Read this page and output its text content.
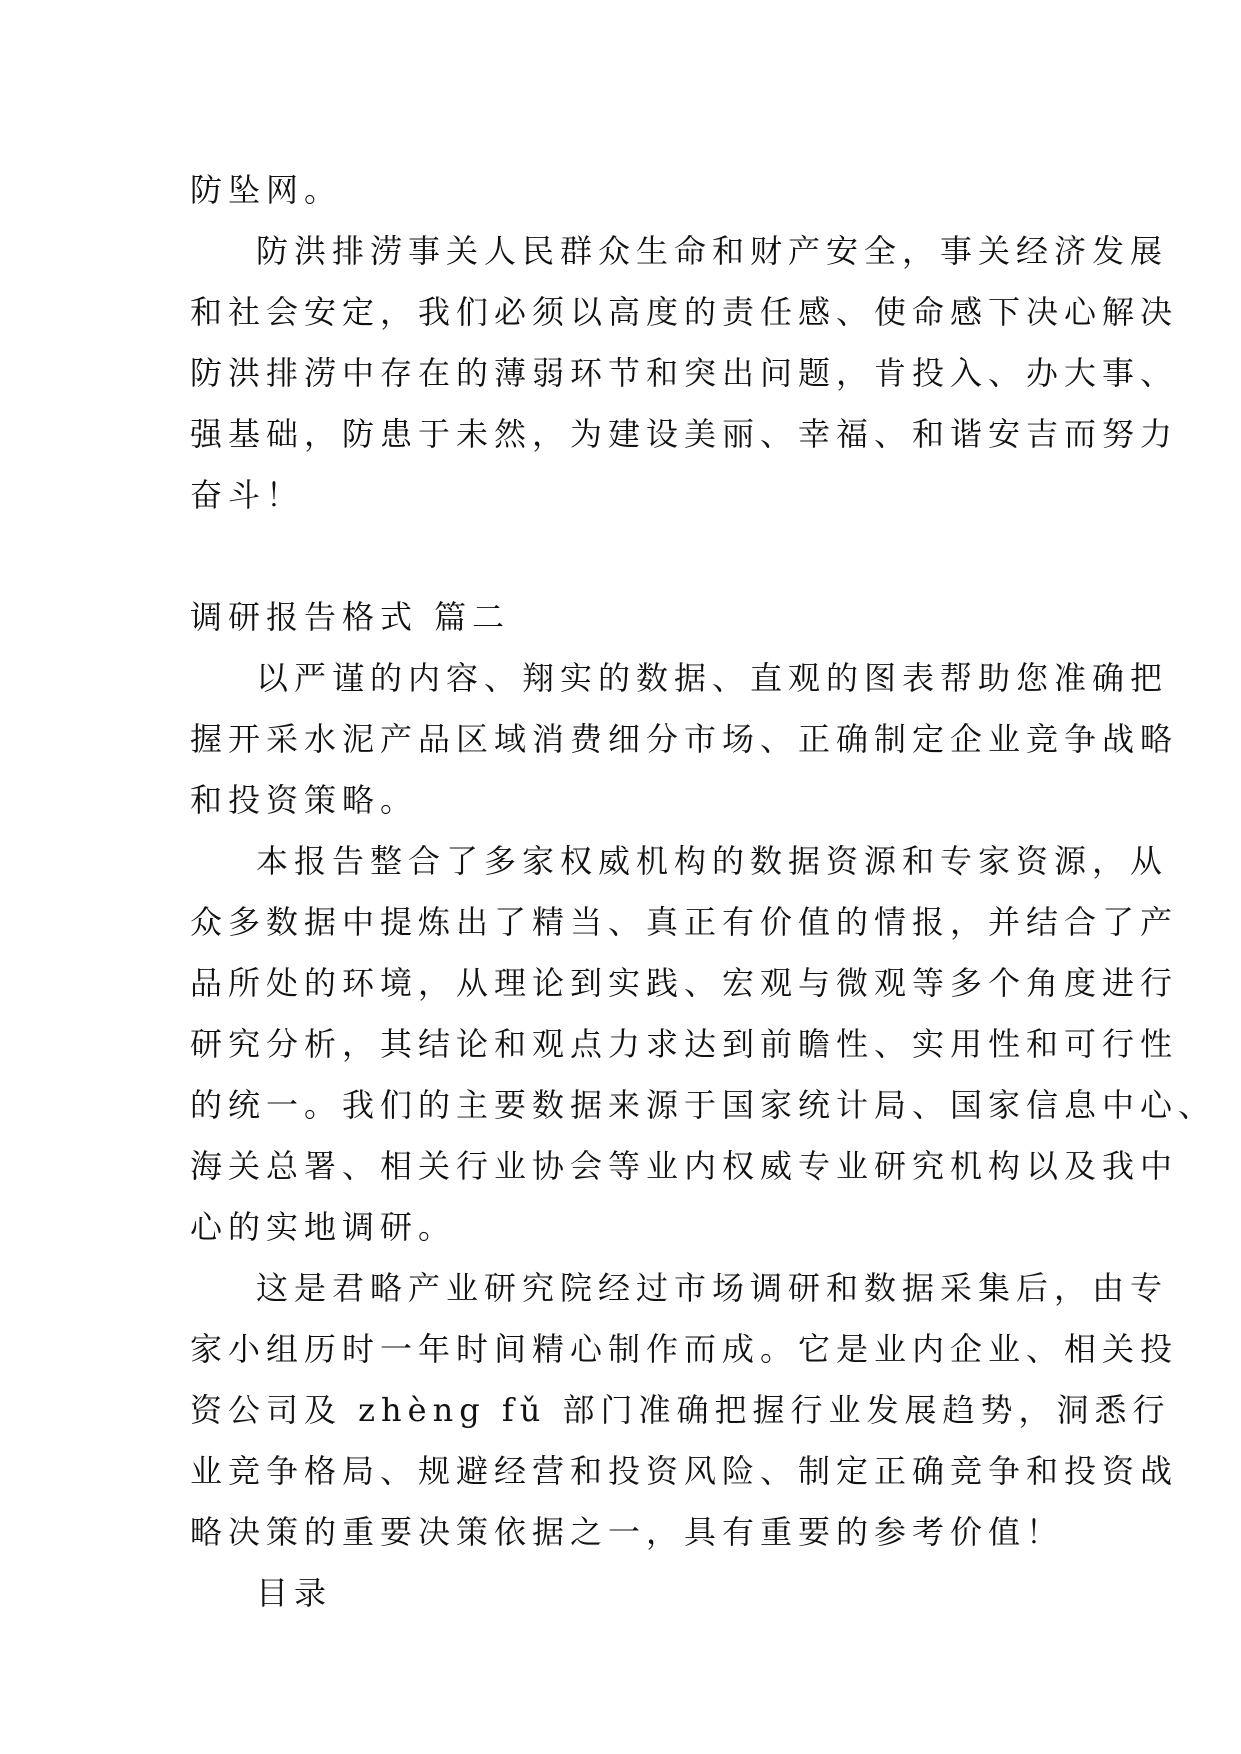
防坠网。
防洪排涝事关人民群众生命和财产安全，事关经济发展
和社会安定，我们必须以高度的责任感、使命感下决心解决
防洪排涝中存在的薄弱环节和突出问题，肯投入、办大事、
强基础，防患于未然，为建设美丽、幸福、和谐安吉而努力
奋斗！
调研报告格式 篇二
以严谨的内容、翔实的数据、直观的图表帮助您准确把
握开采水泥产品区域消费细分市场、正确制定企业竞争战略
和投资策略。
本报告整合了多家权威机构的数据资源和专家资源，从
众多数据中提炼出了精当、真正有价值的情报，并结合了产
品所处的环境，从理论到实践、宏观与微观等多个角度进行
研究分析，其结论和观点力求达到前瞻性、实用性和可行性
的统一。我们的主要数据来源于国家统计局、国家信息中心、
海关总署、相关行业协会等业内权威专业研究机构以及我中
心的实地调研。
这是君略产业研究院经过市场调研和数据采集后，由专
家小组历时一年时间精心制作而成。它是业内企业、相关投
资公司及 zhèng fǔ 部门准确把握行业发展趋势，洞悉行
业竞争格局、规避经营和投资风险、制定正确竞争和投资战
略决策的重要决策依据之一，具有重要的参考价值！
目录
